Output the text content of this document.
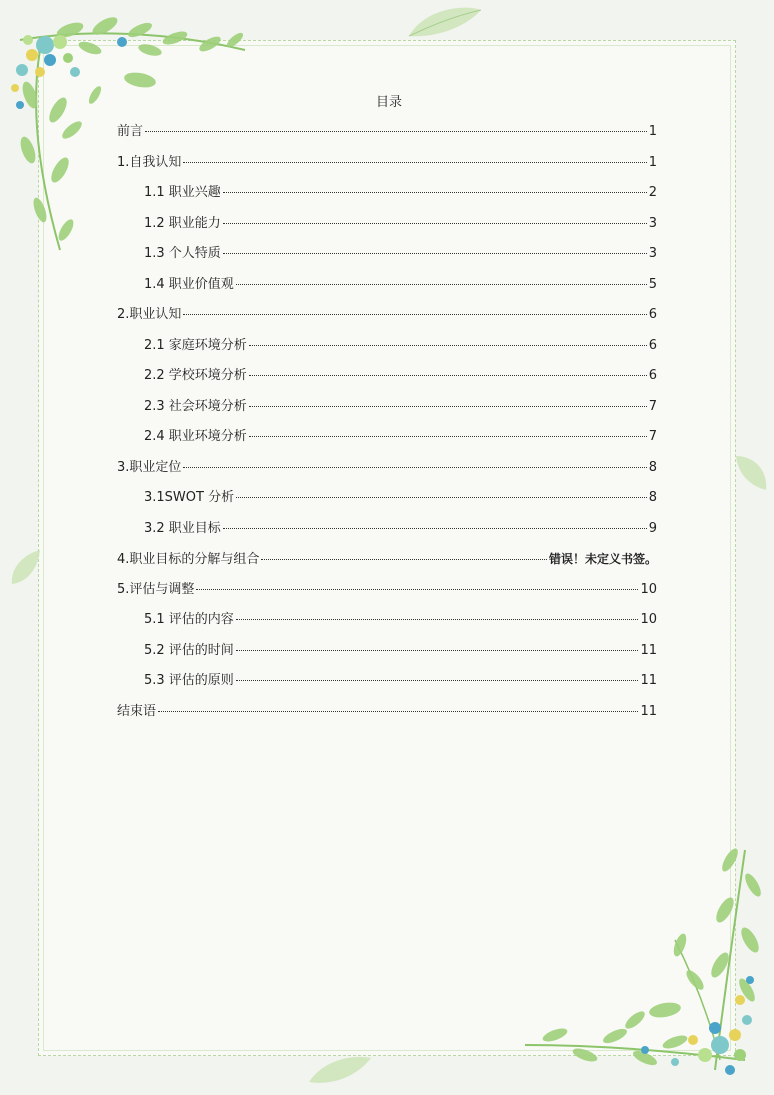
目录
前言	1
1.自我认知	1
1.1 职业兴趣	2
1.2 职业能力	3
1.3 个人特质	3
1.4 职业价值观	5
2.职业认知	6
2.1 家庭环境分析	6
2.2 学校环境分析	6
2.3 社会环境分析	7
2.4 职业环境分析	7
3.职业定位	8
3.1SWOT 分析	8
3.2 职业目标	9
4.职业目标的分解与组合	错误！未定义书签。
5.评估与调整	10
5.1 评估的内容	10
5.2 评估的时间	11
5.3 评估的原则	11
结束语	11
